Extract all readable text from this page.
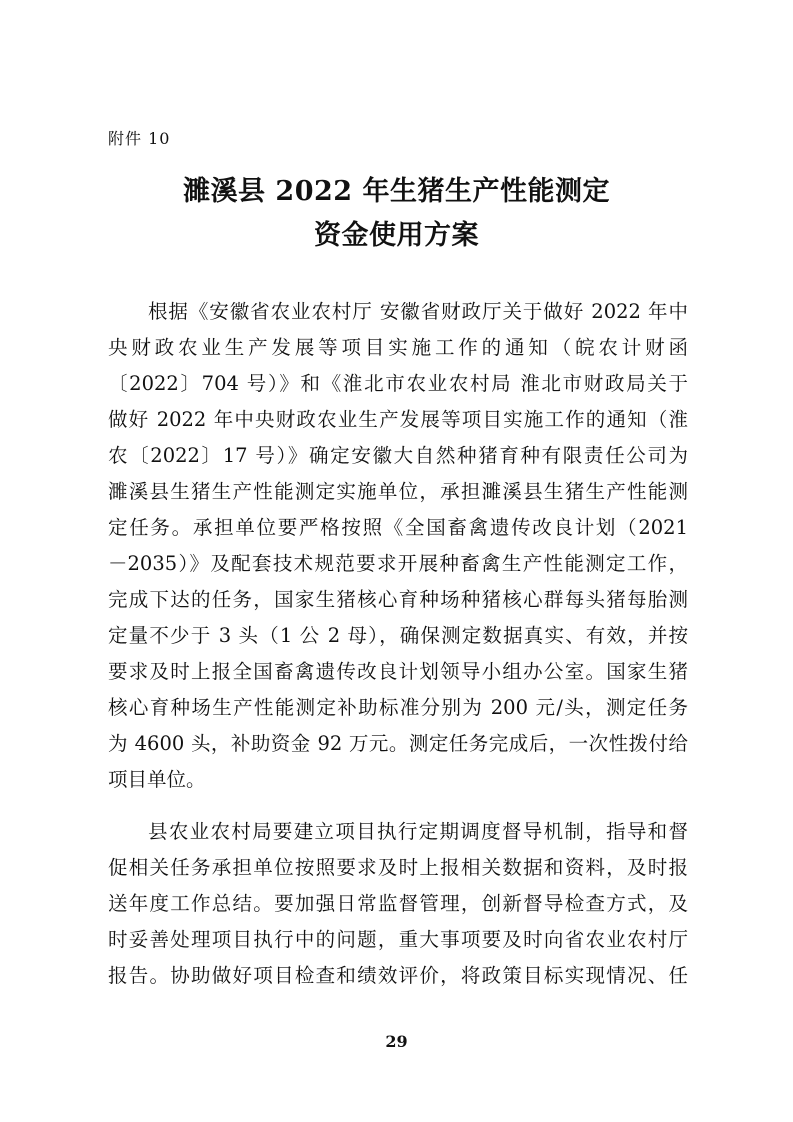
附件 10
濉溪县 2022 年生猪生产性能测定
资金使用方案
根据《安徽省农业农村厅 安徽省财政厅关于做好 2022 年中
央财政农业生产发展等项目实施工作的通知（皖农计财函
〔2022〕704 号）》和《淮北市农业农村局 淮北市财政局关于
做好 2022 年中央财政农业生产发展等项目实施工作的通知（淮
农〔2022〕17 号）》确定安徽大自然种猪育种有限责任公司为
濉溪县生猪生产性能测定实施单位，承担濉溪县生猪生产性能测
定任务。承担单位要严格按照《全国畜禽遗传改良计划（2021
－2035）》及配套技术规范要求开展种畜禽生产性能测定工作，
完成下达的任务，国家生猪核心育种场种猪核心群每头猪每胎测
定量不少于 3 头（1 公 2 母），确保测定数据真实、有效，并按
要求及时上报全国畜禽遗传改良计划领导小组办公室。国家生猪
核心育种场生产性能测定补助标准分别为 200 元/头，测定任务
为 4600 头，补助资金 92 万元。测定任务完成后，一次性拨付给
项目单位。
县农业农村局要建立项目执行定期调度督导机制，指导和督
促相关任务承担单位按照要求及时上报相关数据和资料，及时报
送年度工作总结。要加强日常监督管理，创新督导检查方式，及
时妥善处理项目执行中的问题，重大事项要及时向省农业农村厅
报告。协助做好项目检查和绩效评价，将政策目标实现情况、任
29
